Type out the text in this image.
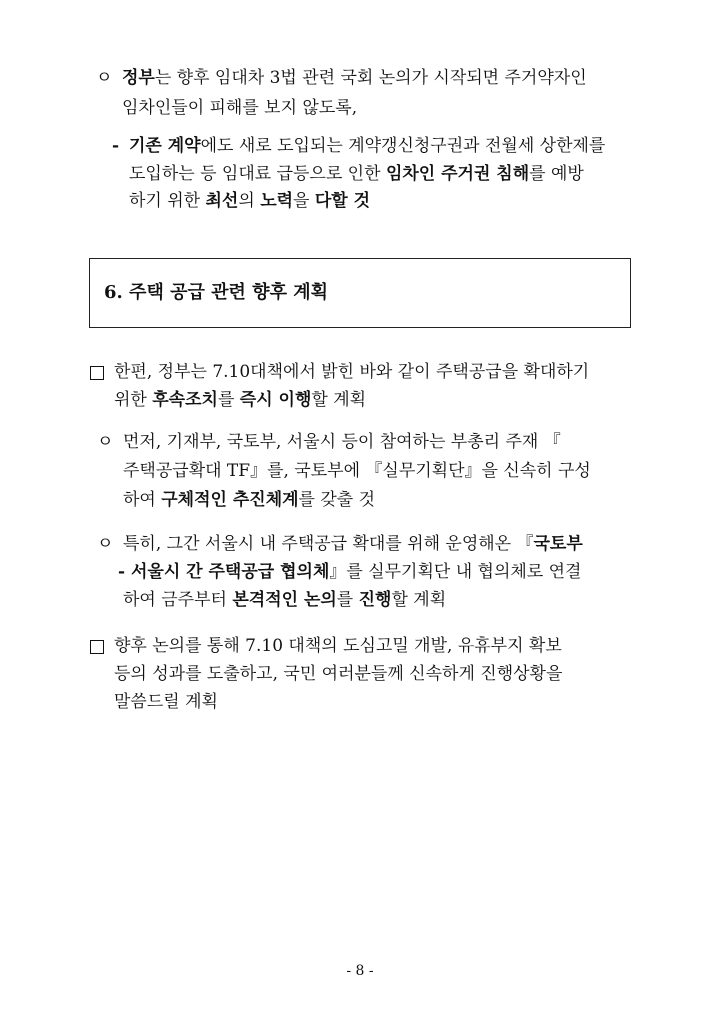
ㅇ 정부는 향후 임대차 3법 관련 국회 논의가 시작되면 주거약자인
임차인들이 피해를 보지 않도록,
- 기존 계약에도 새로 도입되는 계약갱신청구권과 전월세 상한제를
도입하는 등 임대료 급등으로 인한 임차인 주거권 침해를 예방
하기 위한 최선의 노력을 다할 것
6. 주택 공급 관련 향후 계획
한편, 정부는 7.10대책에서 밝힌 바와 같이 주택공급을 확대하기
위한 후속조치를 즉시 이행할 계획
ㅇ 먼저, 기재부, 국토부, 서울시 등이 참여하는 부총리 주재 『
주택공급확대 TF』를, 국토부에 『실무기획단』을 신속히 구성
하여 구체적인 추진체계를 갖출 것
ㅇ 특히, 그간 서울시 내 주택공급 확대를 위해 운영해온 『국토부
- 서울시 간 주택공급 협의체』를 실무기획단 내 협의체로 연결
하여 금주부터 본격적인 논의를 진행할 계획
향후 논의를 통해 7.10 대책의 도심고밀 개발, 유휴부지 확보
등의 성과를 도출하고, 국민 여러분들께 신속하게 진행상황을
말씀드릴 계획
- 8 -
